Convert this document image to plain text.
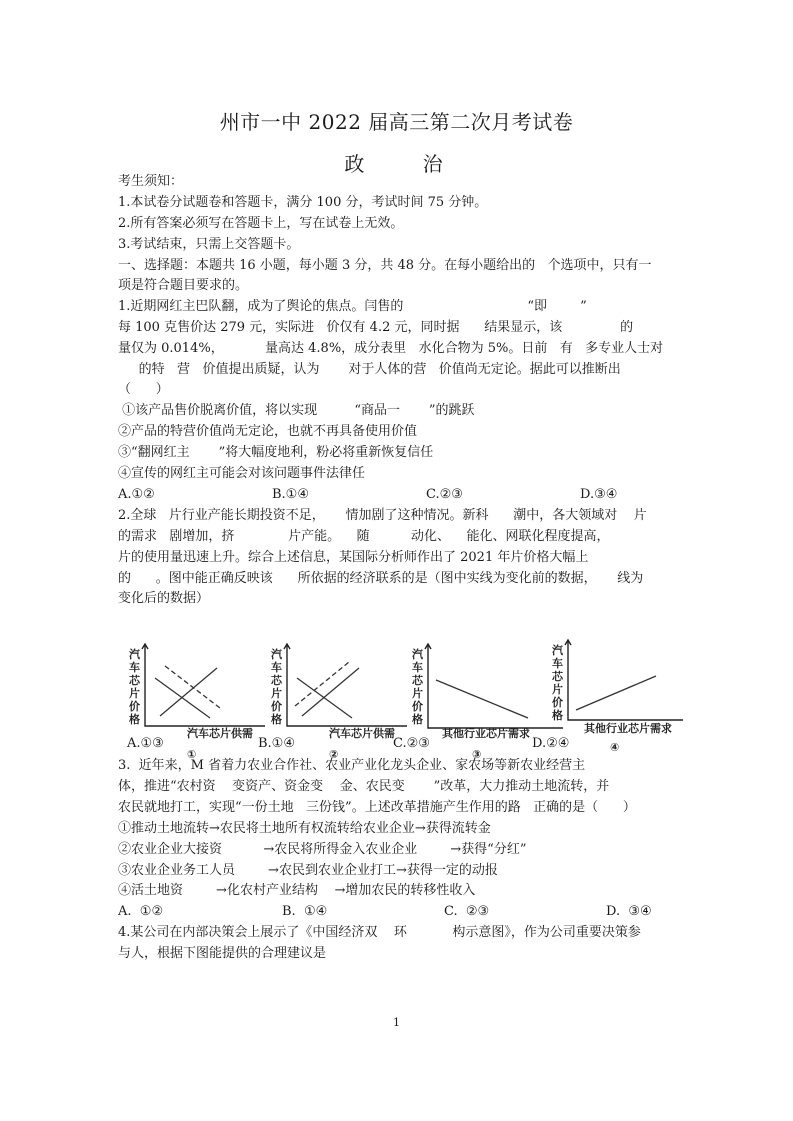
州市一中 2022 届高三第二次月考试卷
政 治
考生须知：
1.本试卷分试题卷和答题卡，满分 100 分，考试时间 75 分钟。
2.所有答案必须写在答题卡上，写在试卷上无效。
3.考试结束，只需上交答题卡。
一、选择题：本题共 16 小题，每小题 3 分，共 48 分。在每小题给出的   个选项中，只有一
项是符合题目要求的。
1.近期网红主巴队翻，成为了舆论的焦点。闫售的                              “即        ”
每 100 克售价达 279 元，实际进   价仅有 4.2 元，同时据      结果显示，该              的
量仅为 0.014%，          量高达 4.8%，成分表里   水化合物为 5%。日前   有   多专业人士对
的特   营   价值提出质疑，认为       对于人体的营   价值尚无定论。据此可以推断出
（      ）
①该产品售价脱离价值，将以实现         “商品一       ”的跳跃
②产品的特营价值尚无定论，也就不再具备使用价值
③“翻网红主       ”将大幅度地利，粉必将重新恢复信任
④宣传的网红主可能会对该问题事件法律任
A.①②	B.①④	C.②③	D.③④
2.全球   片行业产能长期投资不足，     情加剧了这种情况。新科      潮中，各大领域对    片
的需求   剧增加，挤             片产能。    随          动化、    能化、网联化程度提高，
片的使用量迅速上升。综合上述信息，某国际分析师作出了 2021 年片价格大幅上
的      。图中能正确反映该      所依据的经济联系的是（图中实线为变化前的数据，     线为
变化后的数据）
汽
车
芯
片
价
格
汽车芯片供需
①
汽
车
芯
片
价
格
汽车芯片供需
②
汽
车
芯
片
价
格
其他行业芯片需求
③
汽
车
芯
片
价
格
其他行业芯片需求
④
A.①③	B.①④	C.②③	D.②④
3.  近年来，M 省着力农业合作社、农业产业化龙头企业、家农场等新农业经营主
体，推进“农村资    变资产、资金变    金、农民变       ”改革，大力推动土地流转，并
农民就地打工，实现“一份土地   三份钱”。上述改革措施产生作用的路   正确的是（      ）
①推动土地流转→农民将土地所有权流转给农业企业→获得流转金
②农业企业大接资          →农民将所得金入农业企业        →获得“分红”
③农业企业务工人员        →农民到农业企业打工→获得一定的动报
④活土地资        →化农村产业结构    →增加农民的转移性收入
A.  ①②	B.  ①④	C.  ②③	D.  ③④
4.某公司在内部决策会上展示了《中国经济双    环           构示意图》，作为公司重要决策参
与人，根据下图能提供的合理建议是
1
